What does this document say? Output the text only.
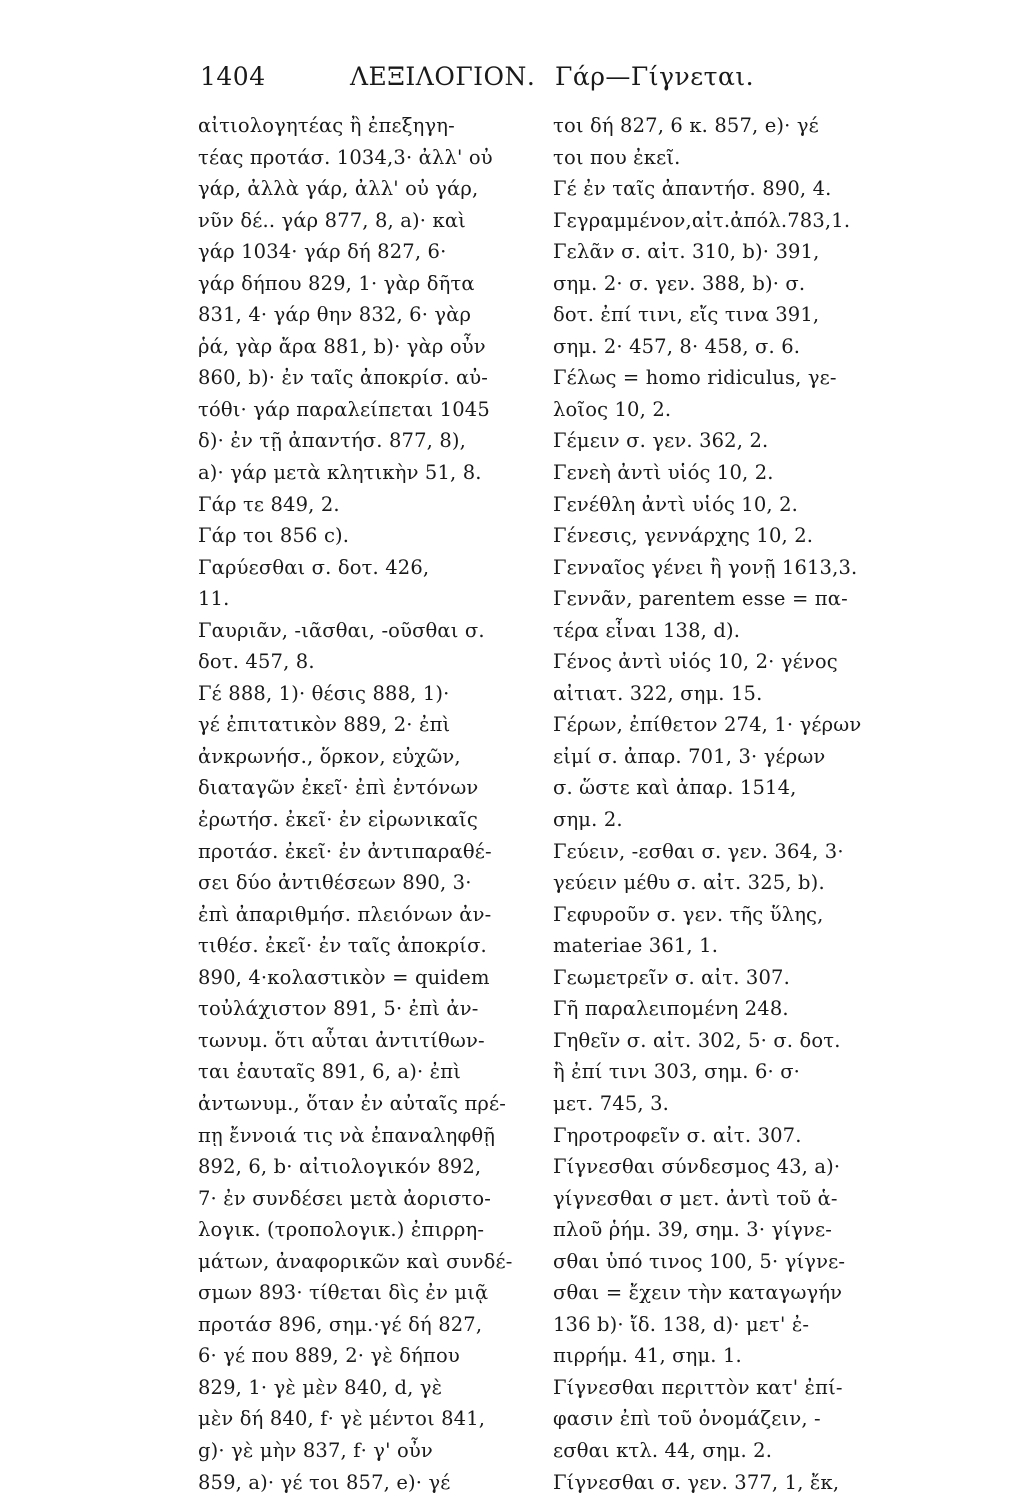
1404	ΛΕΞΙΛΟΓΙΟΝ. Γάρ—Γίγνεται.
αἰτιολογητέας ἢ ἐπεξηγη-
τέας προτάσ. 1034,3· ἀλλ' οὐ
γάρ, ἀλλὰ γάρ, ἀλλ' οὐ γάρ,
νῦν δέ.. γάρ 877, 8, a)· καὶ
γάρ 1034· γάρ δή 827, 6·
γάρ δήπου 829, 1· γὰρ δῆτα
831, 4· γάρ θην 832, 6· γὰρ
ῥά, γὰρ ἄρα 881, b)· γὰρ οὖν
860, b)· ἐν ταῖς ἀποκρίσ. αὐ-
τόθι· γάρ παραλείπεται 1045
δ)· ἐν τῇ ἀπαντήσ. 877, 8),
a)· γάρ μετὰ κλητικὴν 51, 8.
Γάρ τε 849, 2.
Γάρ τοι 856 c).
Γαρύεσθαι σ. δοτ. 426,
11.
Γαυριᾶν, -ιᾶσθαι, -οῦσθαι σ.
δοτ. 457, 8.
Γέ 888, 1)· θέσις 888, 1)·
γέ ἐπιτατικὸν 889, 2· ἐπὶ
ἀνκρωνήσ., ὅρκον, εὐχῶν,
διαταγῶν ἐκεῖ· ἐπὶ ἐντόνων
ἐρωτήσ. ἐκεῖ· ἐν εἰρωνικαῖς
προτάσ. ἐκεῖ· ἐν ἀντιπαραθέ-
σει δύο ἀντιθέσεων 890, 3·
ἐπὶ ἀπαριθμήσ. πλειόνων ἀν-
τιθέσ. ἐκεῖ· ἐν ταῖς ἀποκρίσ.
890, 4·κολαστικὸν = quidem
τοὐλάχιστον 891, 5· ἐπὶ ἀν-
τωνυμ. ὅτι αὗται ἀντιτίθων-
ται ἑαυταῖς 891, 6, a)· ἐπὶ
ἀντωνυμ., ὅταν ἐν αὐταῖς πρέ-
πῃ ἔννοιά τις νὰ ἐπαναληφθῇ
892, 6, b· αἰτιολογικόν 892,
7· ἐν συνδέσει μετὰ ἀοριστο-
λογικ. (τροπολογικ.) ἐπιρρη-
μάτων, ἀναφορικῶν καὶ συνδέ-
σμων 893· τίθεται δὶς ἐν μιᾷ
προτάσ 896, σημ.·γέ δή 827,
6· γέ που 889, 2· γὲ δήπου
829, 1· γὲ μὲν 840, d, γὲ
μὲν δή 840, f· γὲ μέντοι 841,
g)· γὲ μὴν 837, f· γ' οὖν
859, a)· γέ τοι 857, e)· γέ
τοι δή 827, 6 κ. 857, e)· γέ
τοι που ἐκεῖ.
Γέ ἐν ταῖς ἀπαντήσ. 890, 4.
Γεγραμμένον,αἰτ.ἀπόλ.783,1.
Γελᾶν σ. αἰτ. 310, b)· 391,
σημ. 2· σ. γεν. 388, b)· σ.
δοτ. ἐπί τινι, εἴς τινα 391,
σημ. 2· 457, 8· 458, σ. 6.
Γέλως = homo ridiculus, γε-
λοῖος 10, 2.
Γέμειν σ. γεν. 362, 2.
Γενεὴ ἀντὶ υἱός 10, 2.
Γενέθλη ἀντὶ υἱός 10, 2.
Γένεσις, γεννάρχης 10, 2.
Γενναῖος γένει ἢ γονῇ 1613,3.
Γεννᾶν, parentem esse = πα-
τέρα εἶναι 138, d).
Γένος ἀντὶ υἱός 10, 2· γένος
αἰτιατ. 322, σημ. 15.
Γέρων, ἐπίθετον 274, 1· γέρων
εἰμί σ. ἀπαρ. 701, 3· γέρων
σ. ὥστε καὶ ἀπαρ. 1514,
σημ. 2.
Γεύειν, -εσθαι σ. γεν. 364, 3·
γεύειν μέθυ σ. αἰτ. 325, b).
Γεφυροῦν σ. γεν. τῆς ὕλης,
materiae 361, 1.
Γεωμετρεῖν σ. αἰτ. 307.
Γῆ παραλειπομένη 248.
Γηθεῖν σ. αἰτ. 302, 5· σ. δοτ.
ἢ ἐπί τινι 303, σημ. 6· σ·
μετ. 745, 3.
Γηροτροφεῖν σ. αἰτ. 307.
Γίγνεσθαι σύνδεσμος 43, a)·
γίγνεσθαι σ μετ. ἀντὶ τοῦ ἁ-
πλοῦ ῥήμ. 39, σημ. 3· γίγνε-
σθαι ὑπό τινος 100, 5· γίγνε-
σθαι = ἔχειν τὴν καταγωγήν
136 b)· ἴδ. 138, d)· μετ' ἐ-
πιρρήμ. 41, σημ. 1.
Γίγνεσθαι περιττὸν κατ' ἐπί-
φασιν ἐπὶ τοῦ ὀνομάζειν, -
εσθαι κτλ. 44, σημ. 2.
Γίγνεσθαι σ. γεν. 377, 1, ἔκ,
